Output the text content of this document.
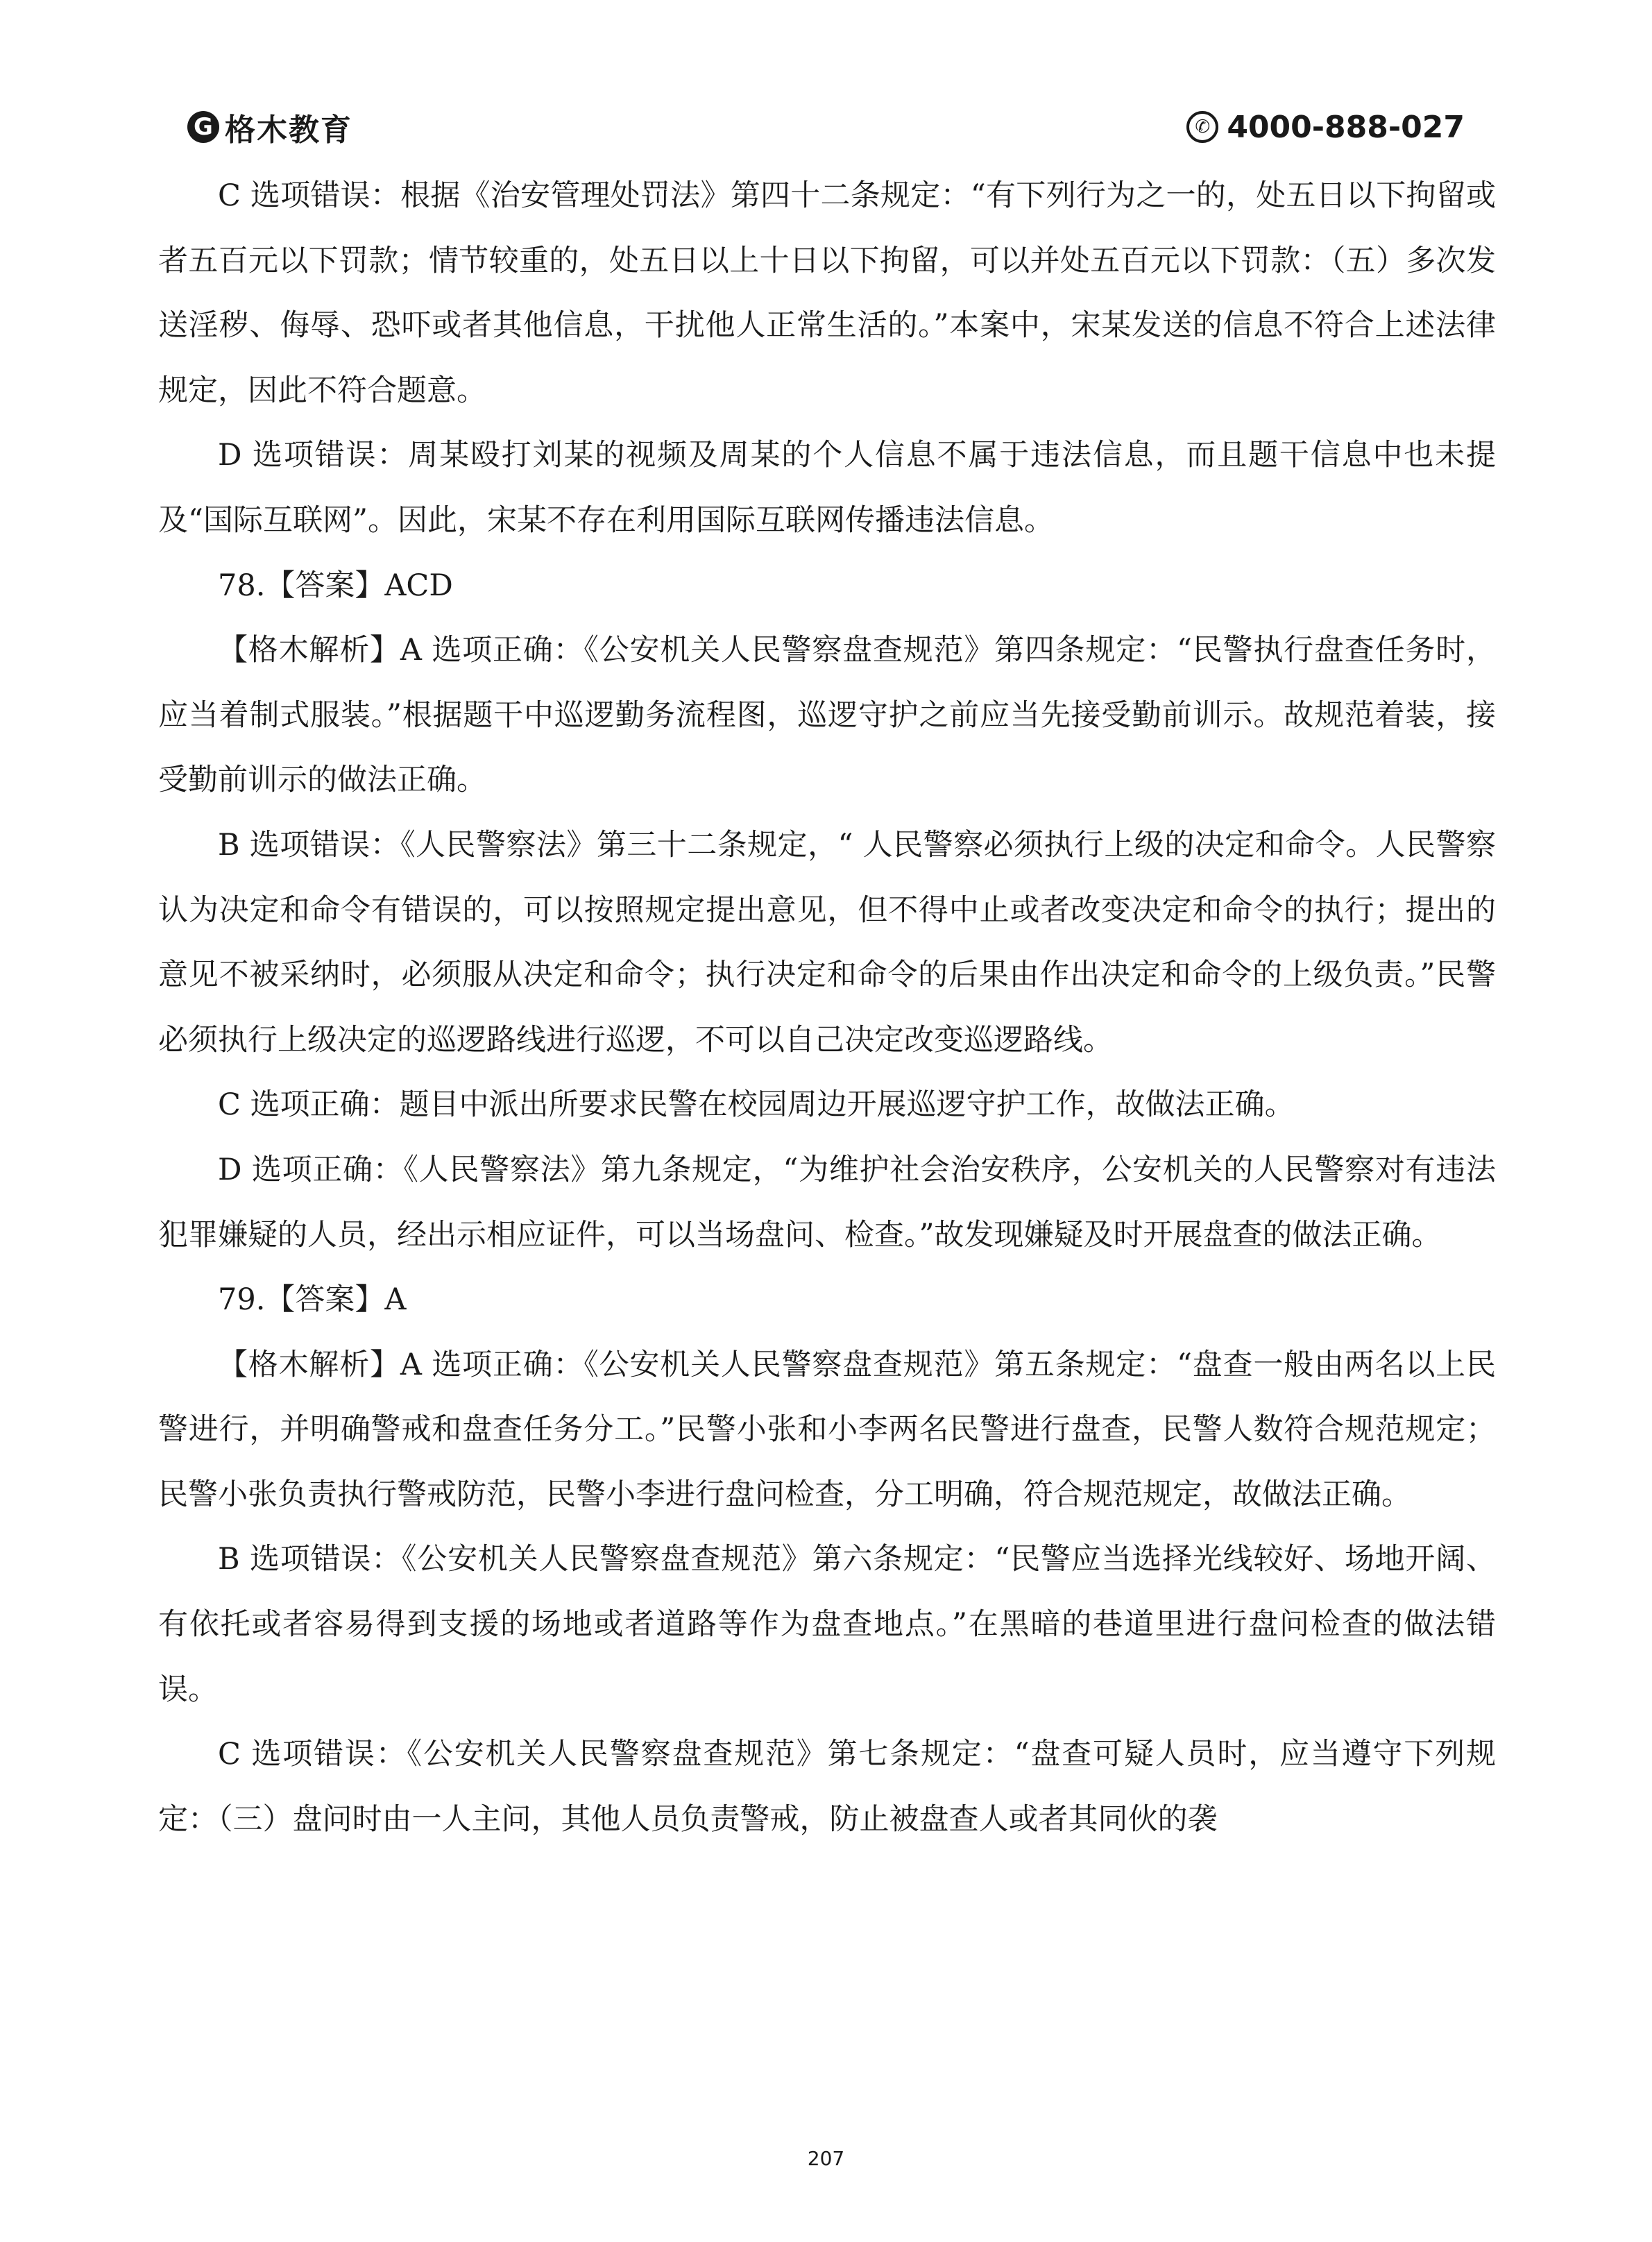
G 格木教育	✆ 4000-888-027

C 选项错误：根据《治安管理处罚法》第四十二条规定：“有下列行为之一的，处五日以下拘留或者五百元以下罚款；情节较重的，处五日以上十日以下拘留，可以并处五百元以下罚款：（五）多次发送淫秽、侮辱、恐吓或者其他信息，干扰他人正常生活的。”本案中，宋某发送的信息不符合上述法律规定，因此不符合题意。

D 选项错误：周某殴打刘某的视频及周某的个人信息不属于违法信息，而且题干信息中也未提及“国际互联网”。因此，宋某不存在利用国际互联网传播违法信息。

78.【答案】ACD

【格木解析】A 选项正确：《公安机关人民警察盘查规范》第四条规定：“民警执行盘查任务时，应当着制式服装。”根据题干中巡逻勤务流程图，巡逻守护之前应当先接受勤前训示。故规范着装，接受勤前训示的做法正确。

B 选项错误：《人民警察法》第三十二条规定，“ 人民警察必须执行上级的决定和命令。人民警察认为决定和命令有错误的，可以按照规定提出意见，但不得中止或者改变决定和命令的执行；提出的意见不被采纳时，必须服从决定和命令；执行决定和命令的后果由作出决定和命令的上级负责。”民警必须执行上级决定的巡逻路线进行巡逻，不可以自己决定改变巡逻路线。

C 选项正确：题目中派出所要求民警在校园周边开展巡逻守护工作，故做法正确。

D 选项正确：《人民警察法》第九条规定，“为维护社会治安秩序，公安机关的人民警察对有违法犯罪嫌疑的人员，经出示相应证件，可以当场盘问、检查。”故发现嫌疑及时开展盘查的做法正确。

79.【答案】A

【格木解析】A 选项正确：《公安机关人民警察盘查规范》第五条规定：“盘查一般由两名以上民警进行，并明确警戒和盘查任务分工。”民警小张和小李两名民警进行盘查，民警人数符合规范规定；民警小张负责执行警戒防范，民警小李进行盘问检查，分工明确，符合规范规定，故做法正确。

B 选项错误：《公安机关人民警察盘查规范》第六条规定：“民警应当选择光线较好、场地开阔、有依托或者容易得到支援的场地或者道路等作为盘查地点。”在黑暗的巷道里进行盘问检查的做法错误。

C 选项错误：《公安机关人民警察盘查规范》第七条规定：“盘查可疑人员时，应当遵守下列规定：（三）盘问时由一人主问，其他人员负责警戒，防止被盘查人或者其同伙的袭

207
